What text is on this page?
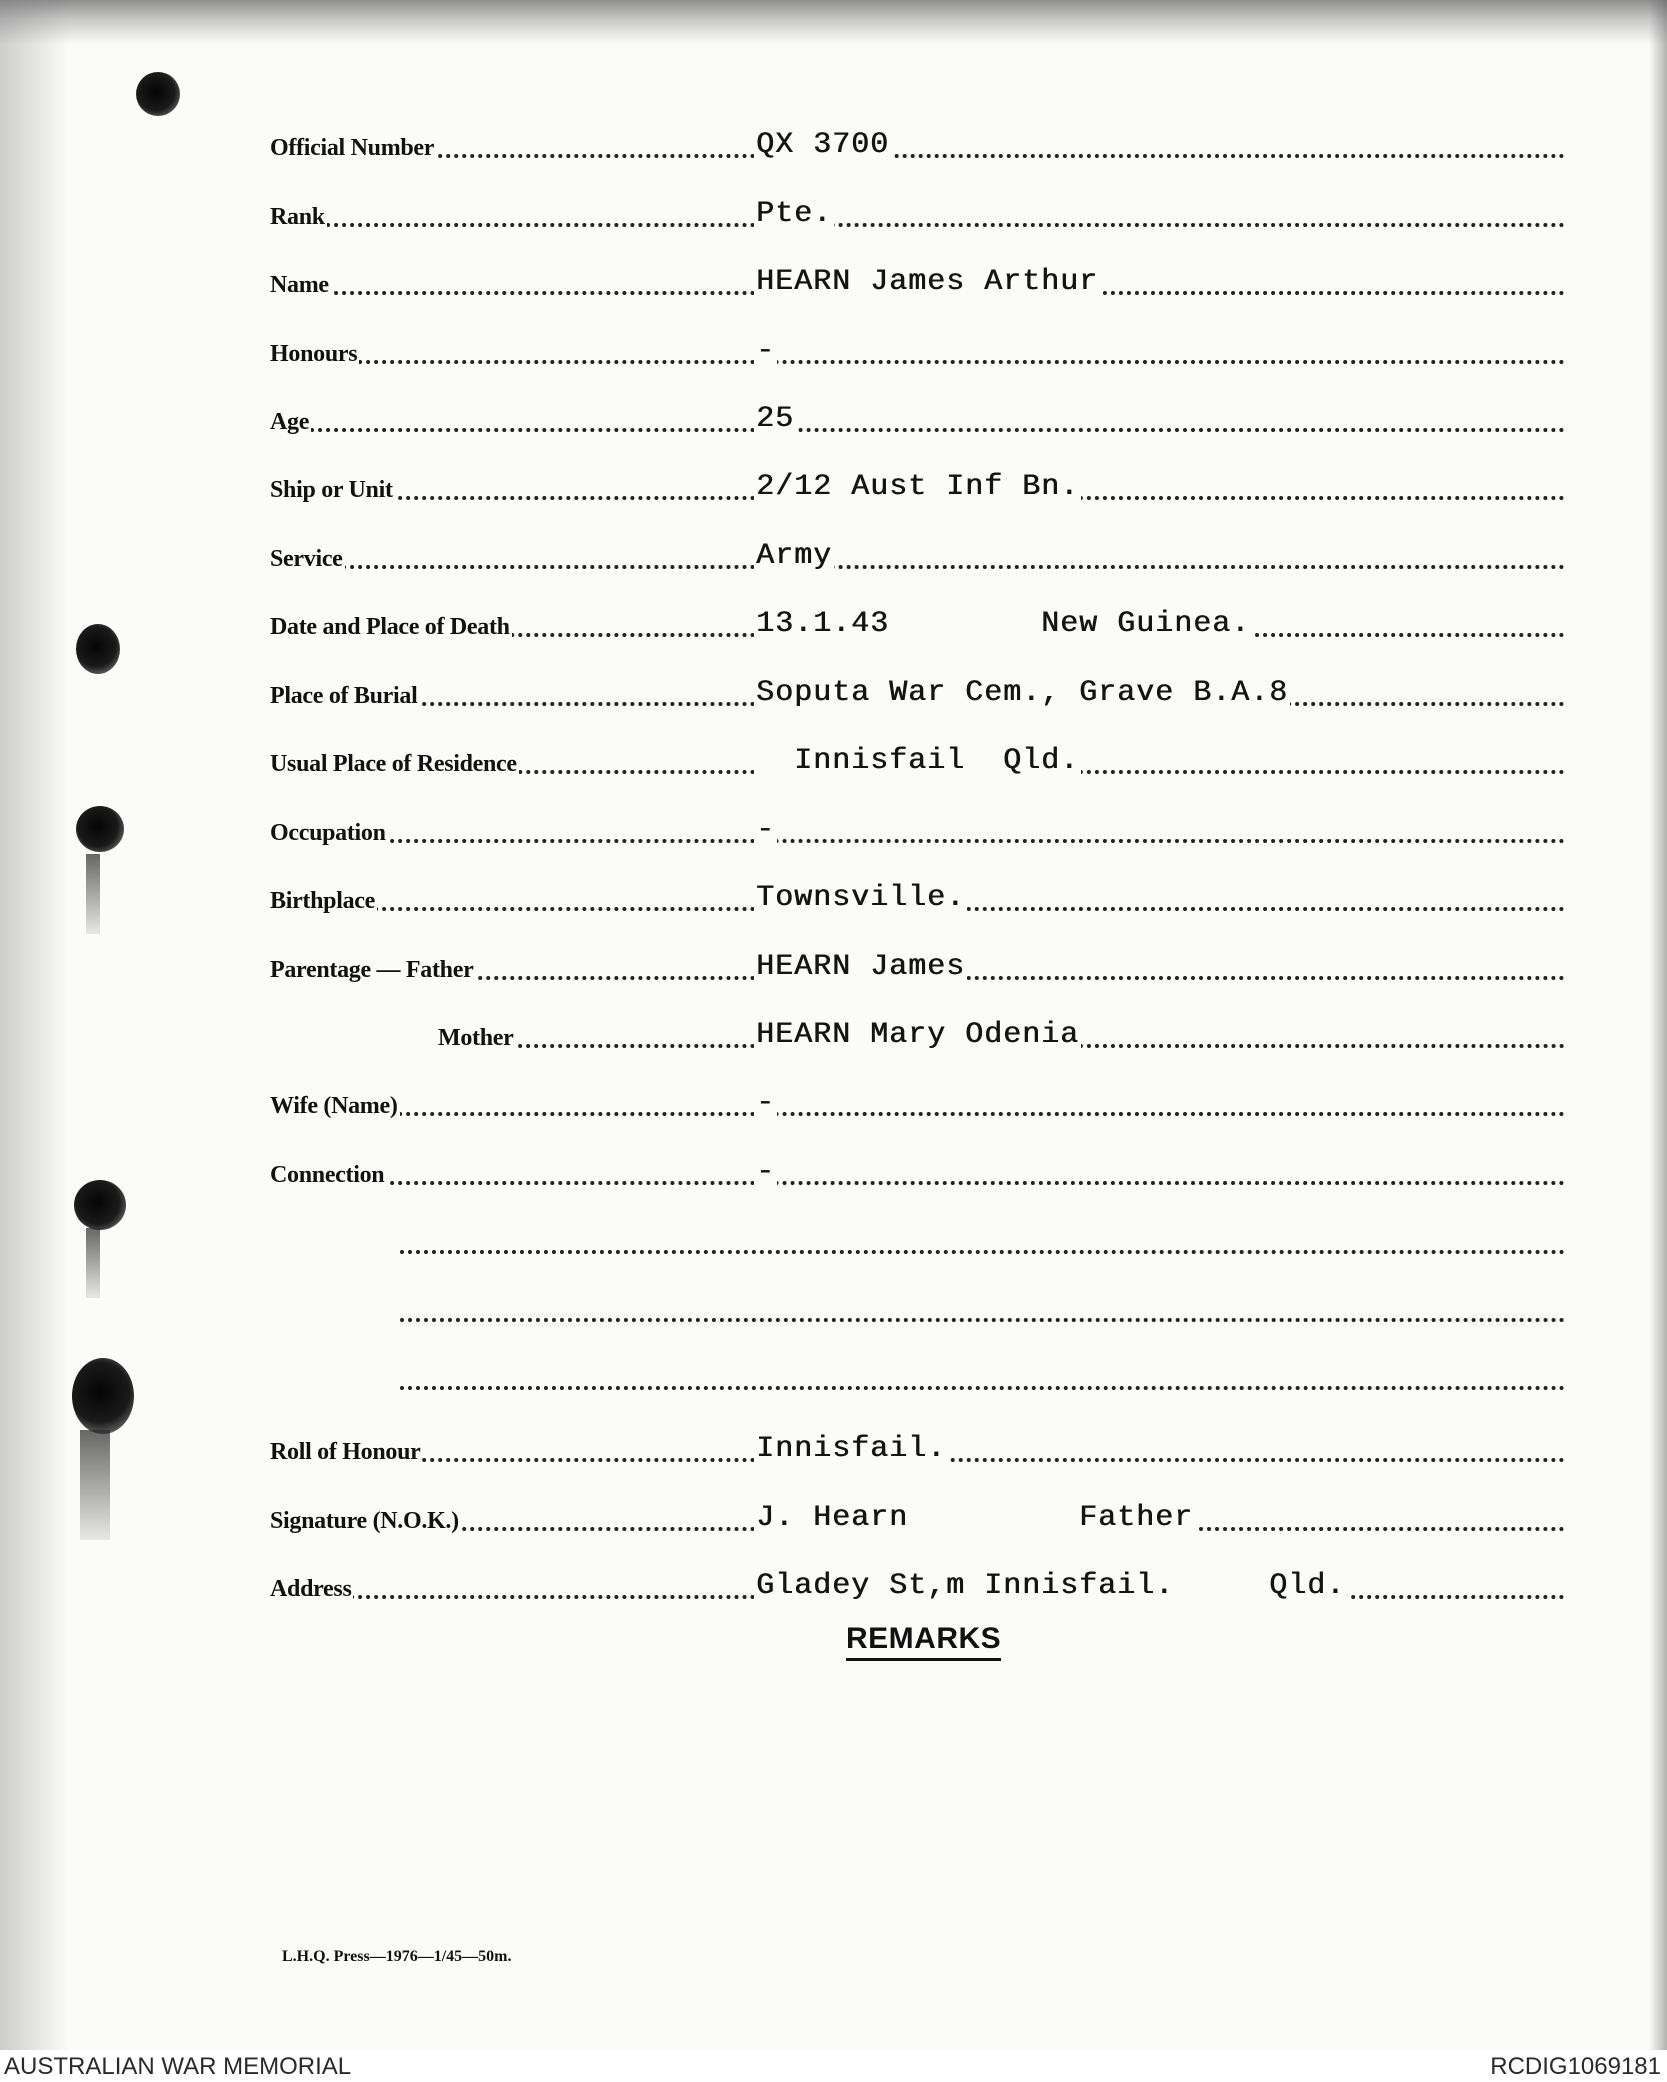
Official Number	QX 3700
Rank	Pte.
Name	HEARN James Arthur
Honours	-
Age	25
Ship or Unit	2/12 Aust Inf Bn.
Service	Army
Date and Place of Death	13.1.43        New Guinea.
Place of Burial	Soputa War Cem., Grave B.A.8
Usual Place of Residence	Innisfail  Qld.
Occupation	-
Birthplace	Townsville.
Parentage — Father	HEARN James
Mother	HEARN Mary Odenia
Wife (Name)	-
Connection	-
Roll of Honour	Innisfail.
Signature (N.O.K.)	J. Hearn         Father
Address	Gladey St,m Innisfail.     Qld.
REMARKS
L.H.Q. Press—1976—1/45—50m.
AUSTRALIAN WAR MEMORIAL	RCDIG1069181
